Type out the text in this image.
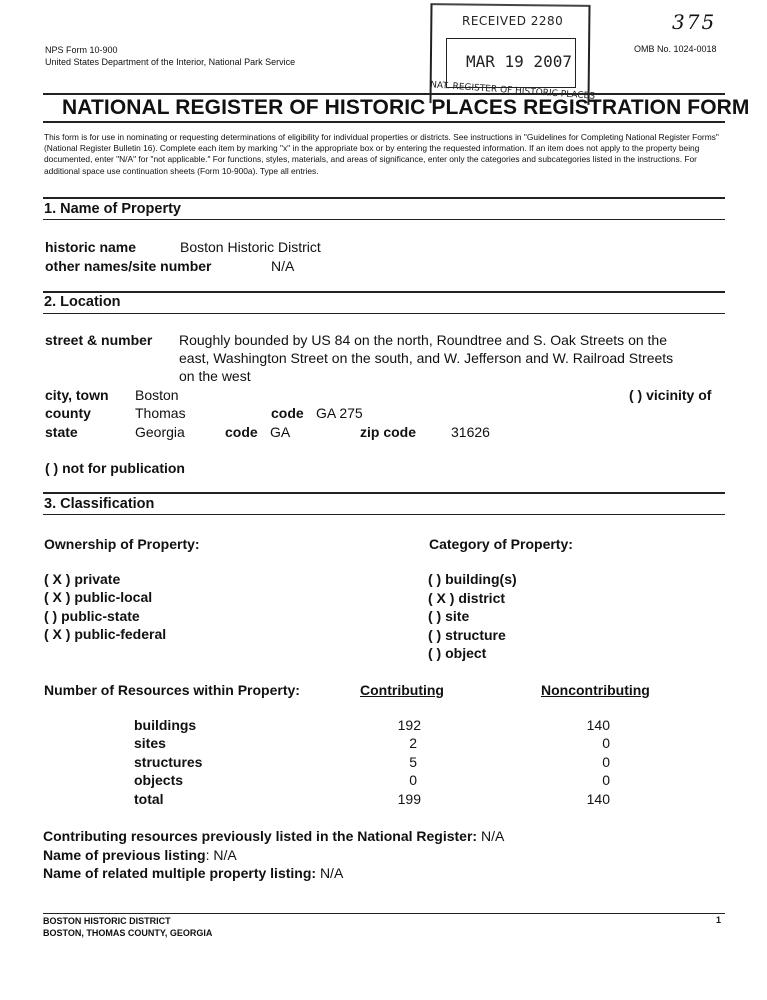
NPS Form 10-900
United States Department of the Interior, National Park Service
OMB No. 1024-0018
375
RECEIVED 2280
MAR 19 2007
NAT. REGISTER OF HISTORIC PLACES
NATIONAL REGISTER OF HISTORIC PLACES REGISTRATION FORM
This form is for use in nominating or requesting determinations of eligibility for individual properties or districts. See instructions in "Guidelines for Completing National Register Forms" (National Register Bulletin 16). Complete each item by marking "x" in the appropriate box or by entering the requested information. If an item does not apply to the property being documented, enter "N/A" for "not applicable." For functions, styles, materials, and areas of significance, enter only the categories and subcategories listed in the instructions. For additional space use continuation sheets (Form 10-900a). Type all entries.
1. Name of Property
historic name	Boston Historic District
other names/site number	N/A
2. Location
street & number Roughly bounded by US 84 on the north, Roundtree and S. Oak Streets on the
east, Washington Street on the south, and W. Jefferson and W. Railroad Streets
on the west
city, town Boston	( ) vicinity of
county	Thomas	code GA 275
state	Georgia	code GA	zip code 31626
( ) not for publication
3. Classification
Ownership of Property:	Category of Property:
( X ) private
( X ) public-local
( ) public-state
( X ) public-federal
( ) building(s)
( X ) district
( ) site
( ) structure
( ) object
Number of Resources within Property:	Contributing	Noncontributing
buildings	192	140
sites	2	0
structures	5	0
objects	0	0
total	199	140
Contributing resources previously listed in the National Register: N/A
Name of previous listing: N/A
Name of related multiple property listing: N/A
BOSTON HISTORIC DISTRICT
BOSTON, THOMAS COUNTY, GEORGIA
1
